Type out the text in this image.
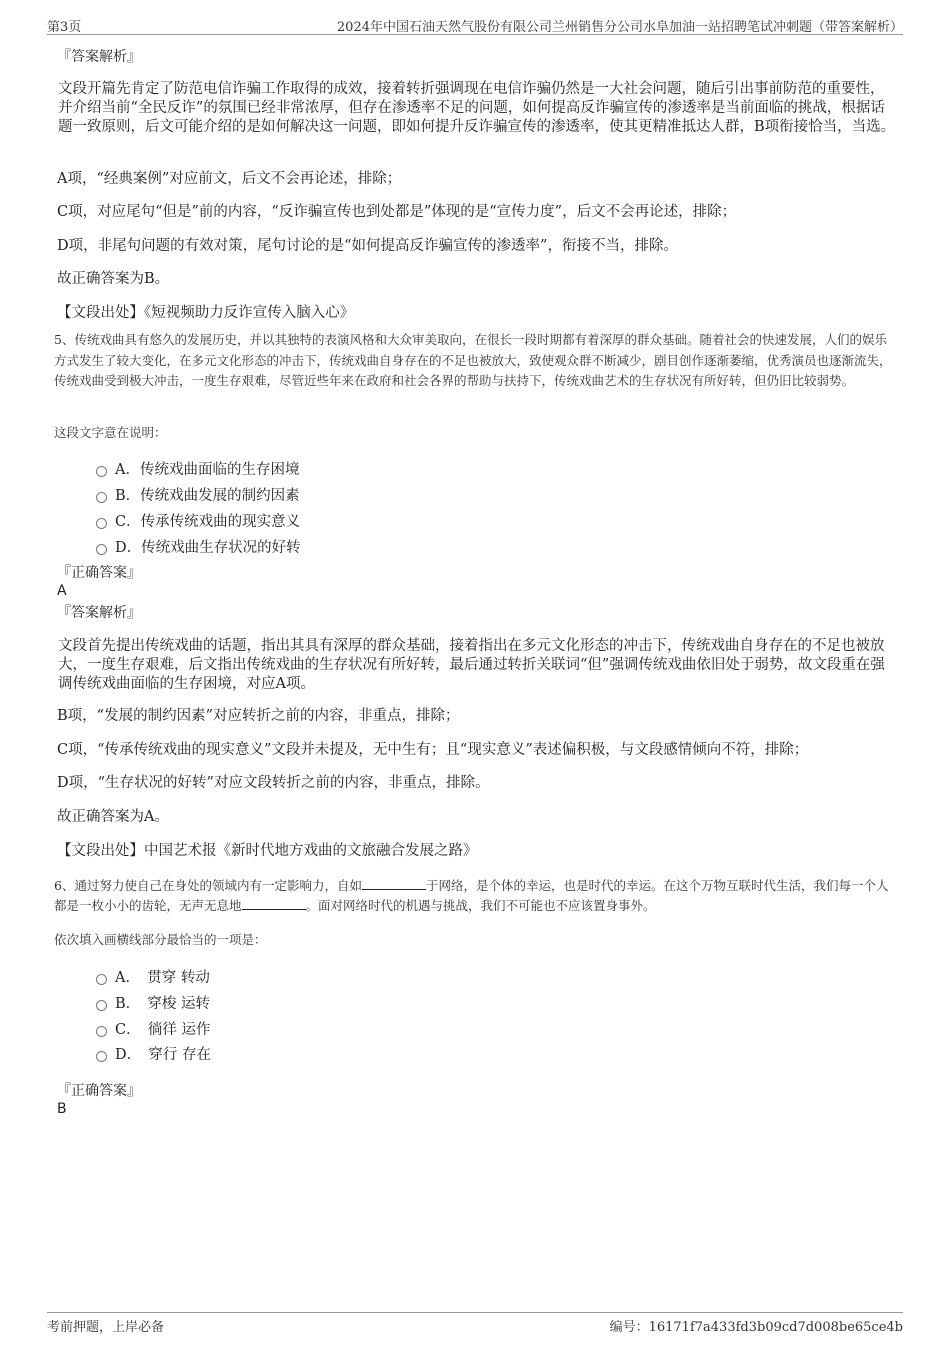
第3页	2024年中国石油天然气股份有限公司兰州销售分公司水阜加油一站招聘笔试冲刺题（带答案解析）
『答案解析』
文段开篇先肯定了防范电信诈骗工作取得的成效，接着转折强调现在电信诈骗仍然是一大社会问题，随后引出事前防范的重要性，并介绍当前“全民反诈”的氛围已经非常浓厚，但存在渗透率不足的问题，如何提高反诈骗宣传的渗透率是当前面临的挑战，根据话题一致原则，后文可能介绍的是如何解决这一问题，即如何提升反诈骗宣传的渗透率，使其更精准抵达人群，B项衔接恰当，当选。
A项，“经典案例”对应前文，后文不会再论述，排除；
C项，对应尾句“但是”前的内容，“反诈骗宣传也到处都是”体现的是“宣传力度”，后文不会再论述，排除；
D项，非尾句问题的有效对策，尾句讨论的是“如何提高反诈骗宣传的渗透率”，衔接不当，排除。
故正确答案为B。
【文段出处】《短视频助力反诈宣传入脑入心》
5、传统戏曲具有悠久的发展历史，并以其独特的表演风格和大众审美取向，在很长一段时期都有着深厚的群众基础。随着社会的快速发展，人们的娱乐方式发生了较大变化，在多元文化形态的冲击下，传统戏曲自身存在的不足也被放大，致使观众群不断减少，剧目创作逐渐萎缩，优秀演员也逐渐流失，传统戏曲受到极大冲击，一度生存艰难，尽管近些年来在政府和社会各界的帮助与扶持下，传统戏曲艺术的生存状况有所好转，但仍旧比较弱势。
这段文字意在说明：
A．传统戏曲面临的生存困境
B．传统戏曲发展的制约因素
C．传承传统戏曲的现实意义
D．传统戏曲生存状况的好转
『正确答案』
A
『答案解析』
文段首先提出传统戏曲的话题，指出其具有深厚的群众基础，接着指出在多元文化形态的冲击下，传统戏曲自身存在的不足也被放大，一度生存艰难，后文指出传统戏曲的生存状况有所好转，最后通过转折关联词“但”强调传统戏曲依旧处于弱势，故文段重在强调传统戏曲面临的生存困境，对应A项。
B项，“发展的制约因素”对应转折之前的内容，非重点，排除；
C项，“传承传统戏曲的现实意义”文段并未提及，无中生有；且“现实意义”表述偏积极，与文段感情倾向不符，排除；
D项，“生存状况的好转”对应文段转折之前的内容，非重点，排除。
故正确答案为A。
【文段出处】中国艺术报《新时代地方戏曲的文旅融合发展之路》
6、通过努力使自己在身处的领域内有一定影响力，自如	于网络，是个体的幸运，也是时代的幸运。在这个万物互联时代生活，我们每一个人都是一枚小小的齿轮，无声无息地	。面对网络时代的机遇与挑战，我们不可能也不应该置身事外。
依次填入画横线部分最恰当的一项是：
A．　贯穿 转动
B．　穿梭 运转
C．　徜徉 运作
D．　穿行 存在
『正确答案』
B
考前押题，上岸必备	编号：16171f7a433fd3b09cd7d008be65ce4b
